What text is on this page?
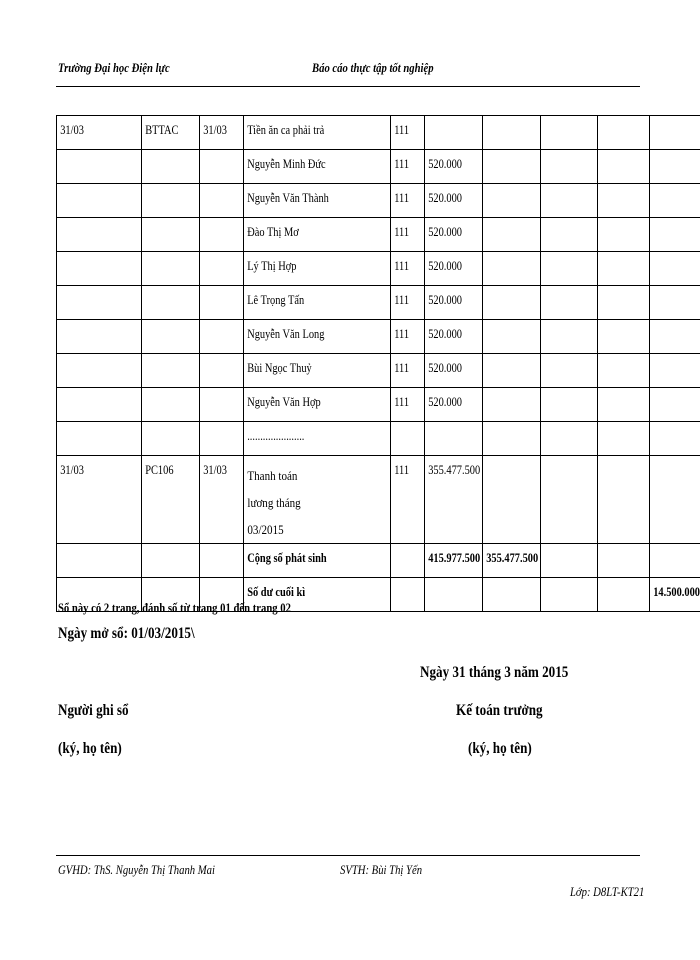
Trường Đại học Điện lực	Báo cáo thực tập tốt nghiệp
31/03	BTTAC	31/03	Tiền ăn ca phải trả	111					
			Nguyễn Minh Đức	111	520.000				
			Nguyễn Văn Thành	111	520.000				
			Đào Thị Mơ	111	520.000				
			Lý Thị Hợp	111	520.000				
			Lê Trọng Tấn	111	520.000				
			Nguyễn Văn Long	111	520.000				
			Bùi Ngọc Thuỷ	111	520.000				
			Nguyễn Văn Hợp	111	520.000				
			......................						
31/03	PC106	31/03	Thanh toán lương tháng 03/2015	111	355.477.500				
			Cộng số phát sinh		415.977.500	355.477.500			
			Số dư cuối kì						14.500.000
Sổ này có 2 trang, đánh số từ trang 01 đến trang 02
Ngày mở sổ: 01/03/2015\
Ngày 31 tháng 3 năm 2015
Người ghi sổ	Kế toán trưởng
(ký, họ tên)	(ký, họ tên)
GVHD: ThS. Nguyễn Thị Thanh Mai	SVTH: Bùi Thị Yến
Lớp: D8LT-KT21
